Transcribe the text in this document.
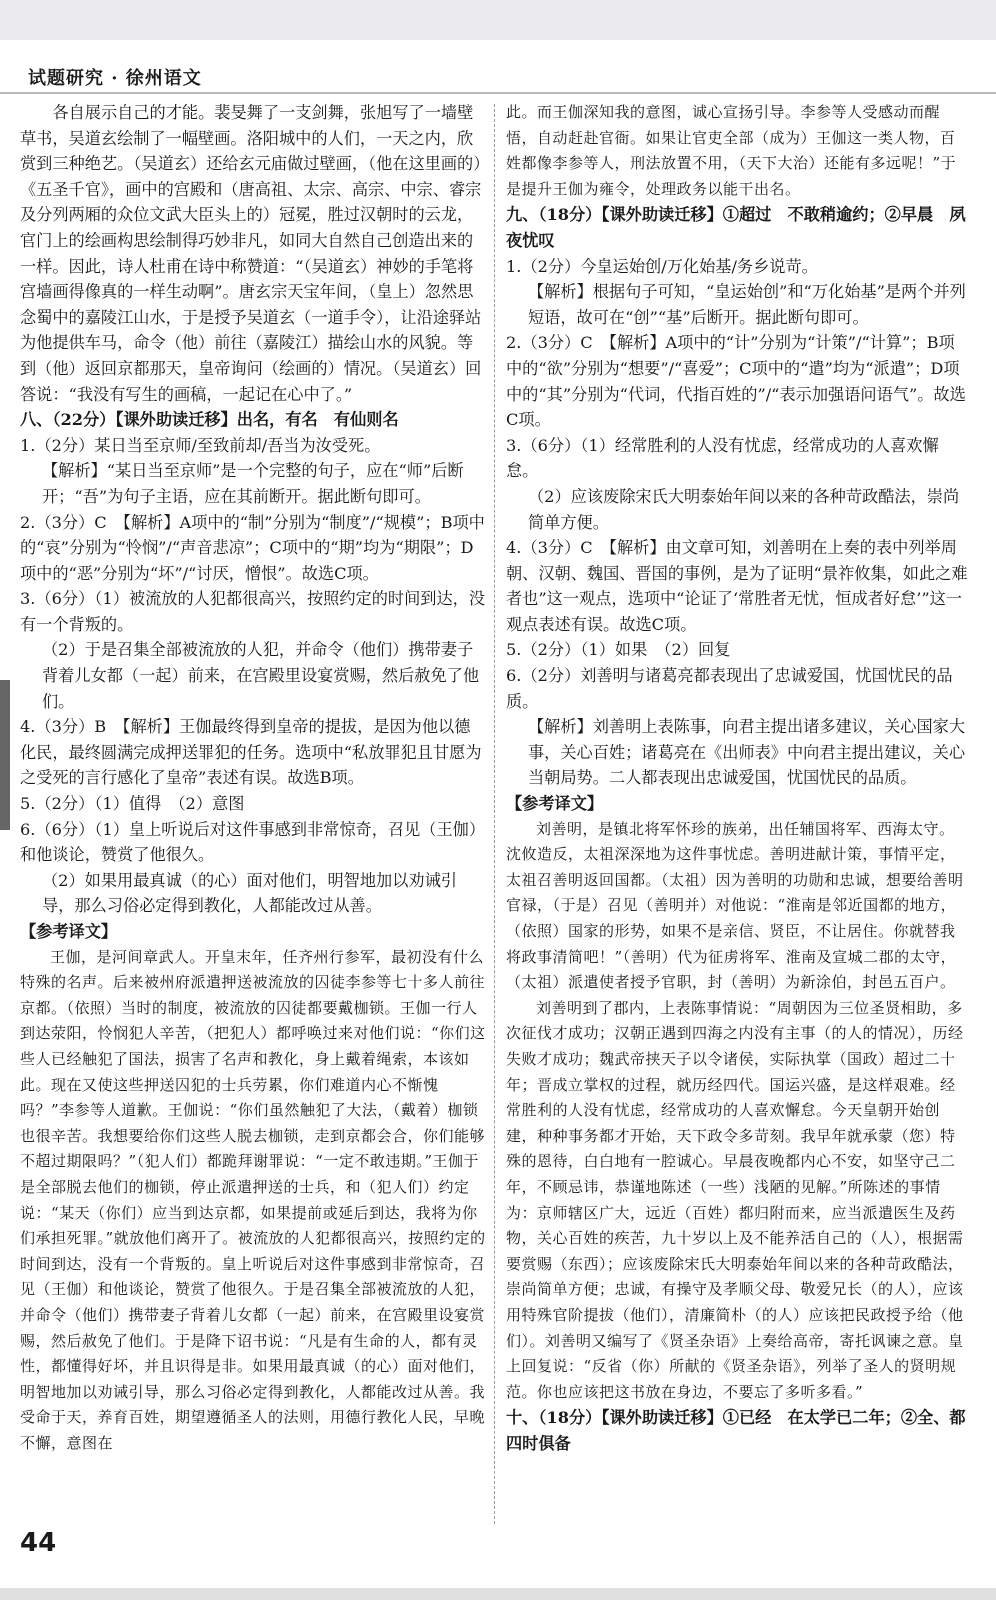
试题研究 · 徐州语文

各自展示自己的才能。裴旻舞了一支剑舞，张旭写了一墙壁草书，吴道玄绘制了一幅壁画。洛阳城中的人们，一天之内，欣赏到三种绝艺。（吴道玄）还给玄元庙做过壁画，（他在这里画的）《五圣千官》，画中的宫殿和（唐高祖、太宗、高宗、中宗、睿宗及分列两厢的众位文武大臣头上的）冠冕，胜过汉朝时的云龙，官门上的绘画构思绘制得巧妙非凡，如同大自然自己创造出来的一样。因此，诗人杜甫在诗中称赞道：“（吴道玄）神妙的手笔将宫墙画得像真的一样生动啊”。唐玄宗天宝年间，（皇上）忽然思念蜀中的嘉陵江山水，于是授予吴道玄（一道手令），让沿途驿站为他提供车马，命令（他）前往（嘉陵江）描绘山水的风貌。等到（他）返回京都那天，皇帝询问（绘画的）情况。（吴道玄）回答说：“我没有写生的画稿，一起记在心中了。”

八、（22分）【课外助读迁移】出名，有名　有仙则名

1.（2分）某日当至京师/至致前却/吾当为汝受死。

【解析】“某日当至京师”是一个完整的句子，应在“师”后断开；“吾”为句子主语，应在其前断开。据此断句即可。

2.（3分）C　【解析】A项中的“制”分别为“制度”/“规模”；B项中的“哀”分别为“怜悯”/“声音悲凉”；C项中的“期”均为“期限”；D项中的“恶”分别为“坏”/“讨厌，憎恨”。故选C项。

3.（6分）（1）被流放的人犯都很高兴，按照约定的时间到达，没有一个背叛的。

（2）于是召集全部被流放的人犯，并命令（他们）携带妻子背着儿女都（一起）前来，在宫殿里设宴赏赐，然后赦免了他们。

4.（3分）B　【解析】王伽最终得到皇帝的提拔，是因为他以德化民，最终圆满完成押送罪犯的任务。选项中“私放罪犯且甘愿为之受死的言行感化了皇帝”表述有误。故选B项。

5.（2分）（1）值得　（2）意图

6.（6分）（1）皇上听说后对这件事感到非常惊奇，召见（王伽）和他谈论，赞赏了他很久。

（2）如果用最真诚（的心）面对他们，明智地加以劝诫引导，那么习俗必定得到教化，人都能改过从善。

【参考译文】

王伽，是河间章武人。开皇末年，任齐州行参军，最初没有什么特殊的名声。后来被州府派遣押送被流放的囚徒李参等七十多人前往京都。（依照）当时的制度，被流放的囚徒都要戴枷锁。王伽一行人到达荥阳，怜悯犯人辛苦，（把犯人）都呼唤过来对他们说：“你们这些人已经触犯了国法，损害了名声和教化，身上戴着绳索，本该如此。现在又使这些押送囚犯的士兵劳累，你们难道内心不惭愧吗？”李参等人道歉。王伽说：“你们虽然触犯了大法，（戴着）枷锁也很辛苦。我想要给你们这些人脱去枷锁，走到京都会合，你们能够不超过期限吗？”（犯人们）都跪拜谢罪说：“一定不敢违期。”王伽于是全部脱去他们的枷锁，停止派遣押送的士兵，和（犯人们）约定说：“某天（你们）应当到达京都，如果提前或延后到达，我将为你们承担死罪。”就放他们离开了。被流放的人犯都很高兴，按照约定的时间到达，没有一个背叛的。皇上听说后对这件事感到非常惊奇，召见（王伽）和他谈论，赞赏了他很久。于是召集全部被流放的人犯，并命令（他们）携带妻子背着儿女都（一起）前来，在宫殿里设宴赏赐，然后赦免了他们。于是降下诏书说：“凡是有生命的人，都有灵性，都懂得好坏，并且识得是非。如果用最真诚（的心）面对他们，明智地加以劝诫引导，那么习俗必定得到教化，人都能改过从善。我受命于天，养育百姓，期望遵循圣人的法则，用德行教化人民，早晚不懈，意图在

此。而王伽深知我的意图，诚心宣扬引导。李参等人受感动而醒悟，自动赶赴官衙。如果让官吏全部（成为）王伽这一类人物，百姓都像李参等人，刑法放置不用，（天下大治）还能有多远呢！”于是提升王伽为雍令，处理政务以能干出名。

九、（18分）【课外助读迁移】①超过　不敢稍逾约；②早晨　夙夜忧叹

1.（2分）今皇运始创/万化始基/务乡说苛。

【解析】根据句子可知，“皇运始创”和“万化始基”是两个并列短语，故可在“创”“基”后断开。据此断句即可。

2.（3分）C　【解析】A项中的“计”分别为“计策”/“计算”；B项中的“欲”分别为“想要”/“喜爱”；C项中的“遣”均为“派遣”；D项中的“其”分别为“代词，代指百姓的”/“表示加强语问语气”。故选C项。

3.（6分）（1）经常胜利的人没有忧虑，经常成功的人喜欢懈怠。

（2）应该废除宋氏大明泰始年间以来的各种苛政酷法，崇尚简单方便。

4.（3分）C　【解析】由文章可知，刘善明在上奏的表中列举周朝、汉朝、魏国、晋国的事例，是为了证明“景祚攸集，如此之难者也”这一观点，选项中“论证了‘常胜者无忧，恒成者好怠’”这一观点表述有误。故选C项。

5.（2分）（1）如果　（2）回复

6.（2分）刘善明与诸葛亮都表现出了忠诚爱国，忧国忧民的品质。

【解析】刘善明上表陈事，向君主提出诸多建议，关心国家大事，关心百姓；诸葛亮在《出师表》中向君主提出建议，关心当朝局势。二人都表现出忠诚爱国，忧国忧民的品质。

【参考译文】

刘善明，是镇北将军怀珍的族弟，出任辅国将军、西海太守。沈攸造反，太祖深深地为这件事忧虑。善明进献计策，事情平定，太祖召善明返回国都。（太祖）因为善明的功勋和忠诚，想要给善明官禄，（于是）召见（善明并）对他说：“淮南是邻近国都的地方，（依照）国家的形势，如果不是亲信、贤臣，不让居住。你就替我将政事清简吧！”（善明）代为征虏将军、淮南及宣城二郡的太守，（太祖）派遣使者授予官职，封（善明）为新涂伯，封邑五百户。

刘善明到了郡内，上表陈事情说：“周朝因为三位圣贤相助，多次征伐才成功；汉朝正遇到四海之内没有主事（的人的情况），历经失败才成功；魏武帝挟天子以令诸侯，实际执掌（国政）超过二十年；晋成立掌权的过程，就历经四代。国运兴盛，是这样艰难。经常胜利的人没有忧虑，经常成功的人喜欢懈怠。今天皇朝开始创建，种种事务都才开始，天下政令多苛刻。我早年就承蒙（您）特殊的恩待，白白地有一腔诚心。早晨夜晚都内心不安，如坚守己二年，不顾忌讳，恭谨地陈述（一些）浅陋的见解。”所陈述的事情为：京师辖区广大，远近（百姓）都归附而来，应当派遣医生及药物，关心百姓的疾苦，九十岁以上及不能养活自己的（人），根据需要赏赐（东西）；应该废除宋氏大明泰始年间以来的各种苛政酷法，崇尚简单方便；忠诚，有操守及孝顺父母、敬爱兄长（的人），应该用特殊官阶提拔（他们），清廉简朴（的人）应该把民政授予给（他们）。刘善明又编写了《贤圣杂语》上奏给高帝，寄托讽谏之意。皇上回复说：“反省（你）所献的《贤圣杂语》，列举了圣人的贤明规范。你也应该把这书放在身边，不要忘了多听多看。”

十、（18分）【课外助读迁移】①已经　在太学已二年；②全、都　四时俱备

44
